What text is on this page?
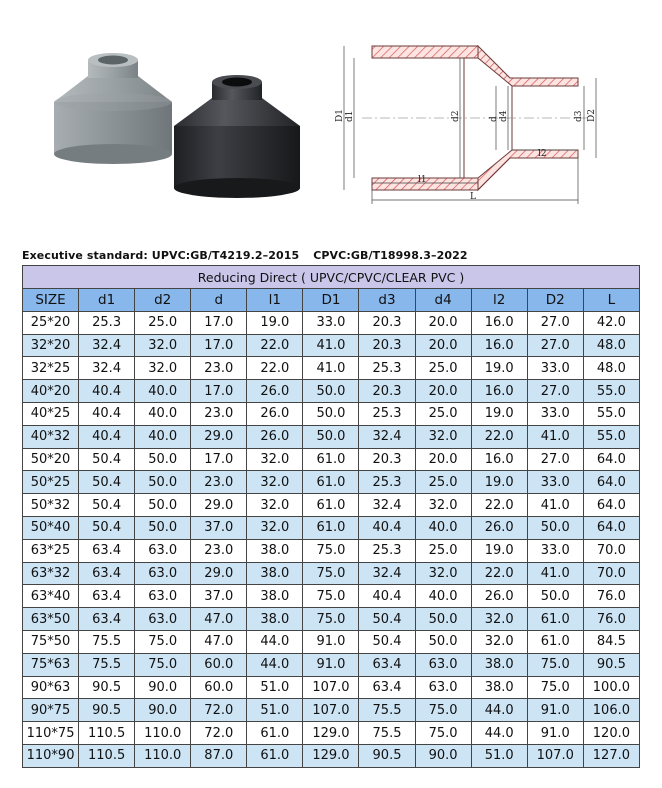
D1 d1	d2	d d4	d3 D2
l1
l2
L
Executive standard: UPVC:GB/T4219.2–2015 CPVC:GB/T18998.3–2022
Reducing Direct ( UPVC/CPVC/CLEAR PVC )										
SIZE	d1	d2	d	l1	D1	d3	d4	l2	D2	L
25*20	25.3	25.0	17.0	19.0	33.0	20.3	20.0	16.0	27.0	42.0
32*20	32.4	32.0	17.0	22.0	41.0	20.3	20.0	16.0	27.0	48.0
32*25	32.4	32.0	23.0	22.0	41.0	25.3	25.0	19.0	33.0	48.0
40*20	40.4	40.0	17.0	26.0	50.0	20.3	20.0	16.0	27.0	55.0
40*25	40.4	40.0	23.0	26.0	50.0	25.3	25.0	19.0	33.0	55.0
40*32	40.4	40.0	29.0	26.0	50.0	32.4	32.0	22.0	41.0	55.0
50*20	50.4	50.0	17.0	32.0	61.0	20.3	20.0	16.0	27.0	64.0
50*25	50.4	50.0	23.0	32.0	61.0	25.3	25.0	19.0	33.0	64.0
50*32	50.4	50.0	29.0	32.0	61.0	32.4	32.0	22.0	41.0	64.0
50*40	50.4	50.0	37.0	32.0	61.0	40.4	40.0	26.0	50.0	64.0
63*25	63.4	63.0	23.0	38.0	75.0	25.3	25.0	19.0	33.0	70.0
63*32	63.4	63.0	29.0	38.0	75.0	32.4	32.0	22.0	41.0	70.0
63*40	63.4	63.0	37.0	38.0	75.0	40.4	40.0	26.0	50.0	76.0
63*50	63.4	63.0	47.0	38.0	75.0	50.4	50.0	32.0	61.0	76.0
75*50	75.5	75.0	47.0	44.0	91.0	50.4	50.0	32.0	61.0	84.5
75*63	75.5	75.0	60.0	44.0	91.0	63.4	63.0	38.0	75.0	90.5
90*63	90.5	90.0	60.0	51.0	107.0	63.4	63.0	38.0	75.0	100.0
90*75	90.5	90.0	72.0	51.0	107.0	75.5	75.0	44.0	91.0	106.0
110*75	110.5	110.0	72.0	61.0	129.0	75.5	75.0	44.0	91.0	120.0
110*90	110.5	110.0	87.0	61.0	129.0	90.5	90.0	51.0	107.0	127.0
